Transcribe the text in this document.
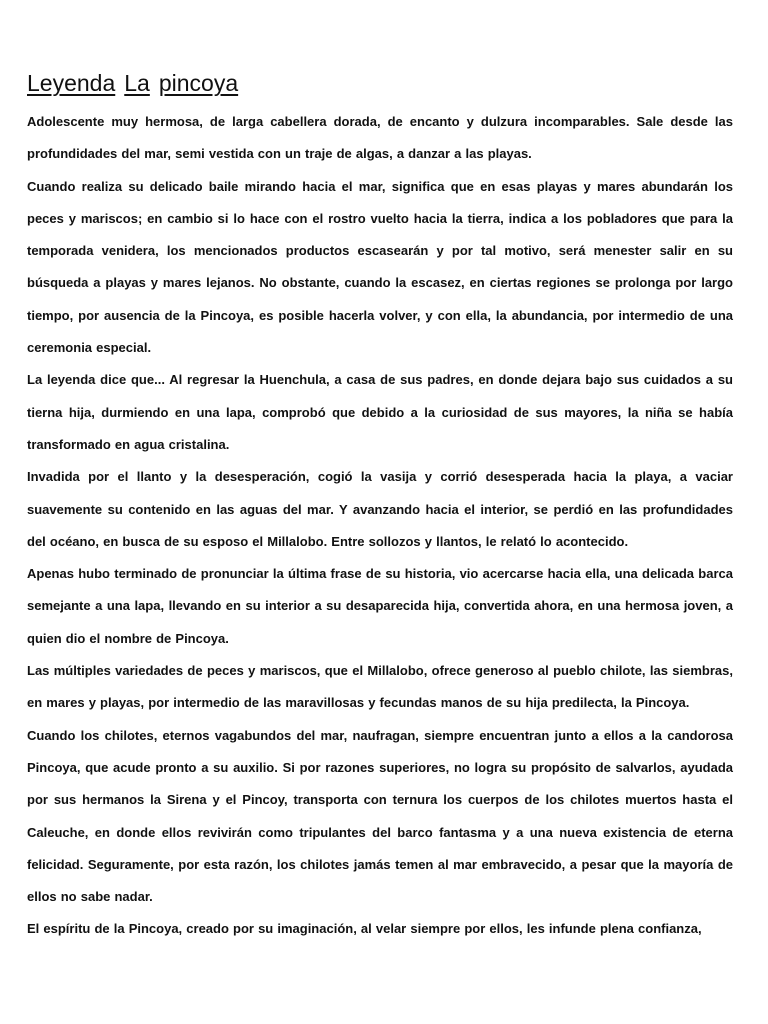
Leyenda La pincoya

Adolescente muy hermosa, de larga cabellera dorada, de encanto y dulzura incomparables. Sale desde las profundidades del mar, semi vestida con un traje de algas, a danzar a las playas.

Cuando realiza su delicado baile mirando hacia el mar, significa que en esas playas y mares abundarán los peces y mariscos; en cambio si lo hace con el rostro vuelto hacia la tierra, indica a los pobladores que para la temporada venidera, los mencionados productos escasearán y por tal motivo, será menester salir en su búsqueda a playas y mares lejanos. No obstante, cuando la escasez, en ciertas regiones se prolonga por largo tiempo, por ausencia de la Pincoya, es posible hacerla volver, y con ella, la abundancia, por intermedio de una ceremonia especial.

La leyenda dice que... Al regresar la Huenchula, a casa de sus padres, en donde dejara bajo sus cuidados a su tierna hija, durmiendo en una lapa, comprobó que debido a la curiosidad de sus mayores, la niña se había transformado en agua cristalina.

Invadida por el llanto y la desesperación, cogió la vasija y corrió desesperada hacia la playa, a vaciar suavemente su contenido en las aguas del mar. Y avanzando hacia el interior, se perdió en las profundidades del océano, en busca de su esposo el Millalobo. Entre sollozos y llantos, le relató lo acontecido.

Apenas hubo terminado de pronunciar la última frase de su historia, vio acercarse hacia ella, una delicada barca semejante a una lapa, llevando en su interior a su desaparecida hija, convertida ahora, en una hermosa joven, a quien dio el nombre de Pincoya.

Las múltiples variedades de peces y mariscos, que el Millalobo, ofrece generoso al pueblo chilote, las siembras, en mares y playas, por intermedio de las maravillosas y fecundas manos de su hija predilecta, la Pincoya.

Cuando los chilotes, eternos vagabundos del mar, naufragan, siempre encuentran junto a ellos a la candorosa Pincoya, que acude pronto a su auxilio. Si por razones superiores, no logra su propósito de salvarlos, ayudada por sus hermanos la Sirena y el Pincoy, transporta con ternura los cuerpos de los chilotes muertos hasta el Caleuche, en donde ellos revivirán como tripulantes del barco fantasma y a una nueva existencia de eterna felicidad. Seguramente, por esta razón, los chilotes jamás temen al mar embravecido, a pesar que la mayoría de ellos no sabe nadar.

El espíritu de la Pincoya, creado por su imaginación, al velar siempre por ellos, les infunde plena confianza,
